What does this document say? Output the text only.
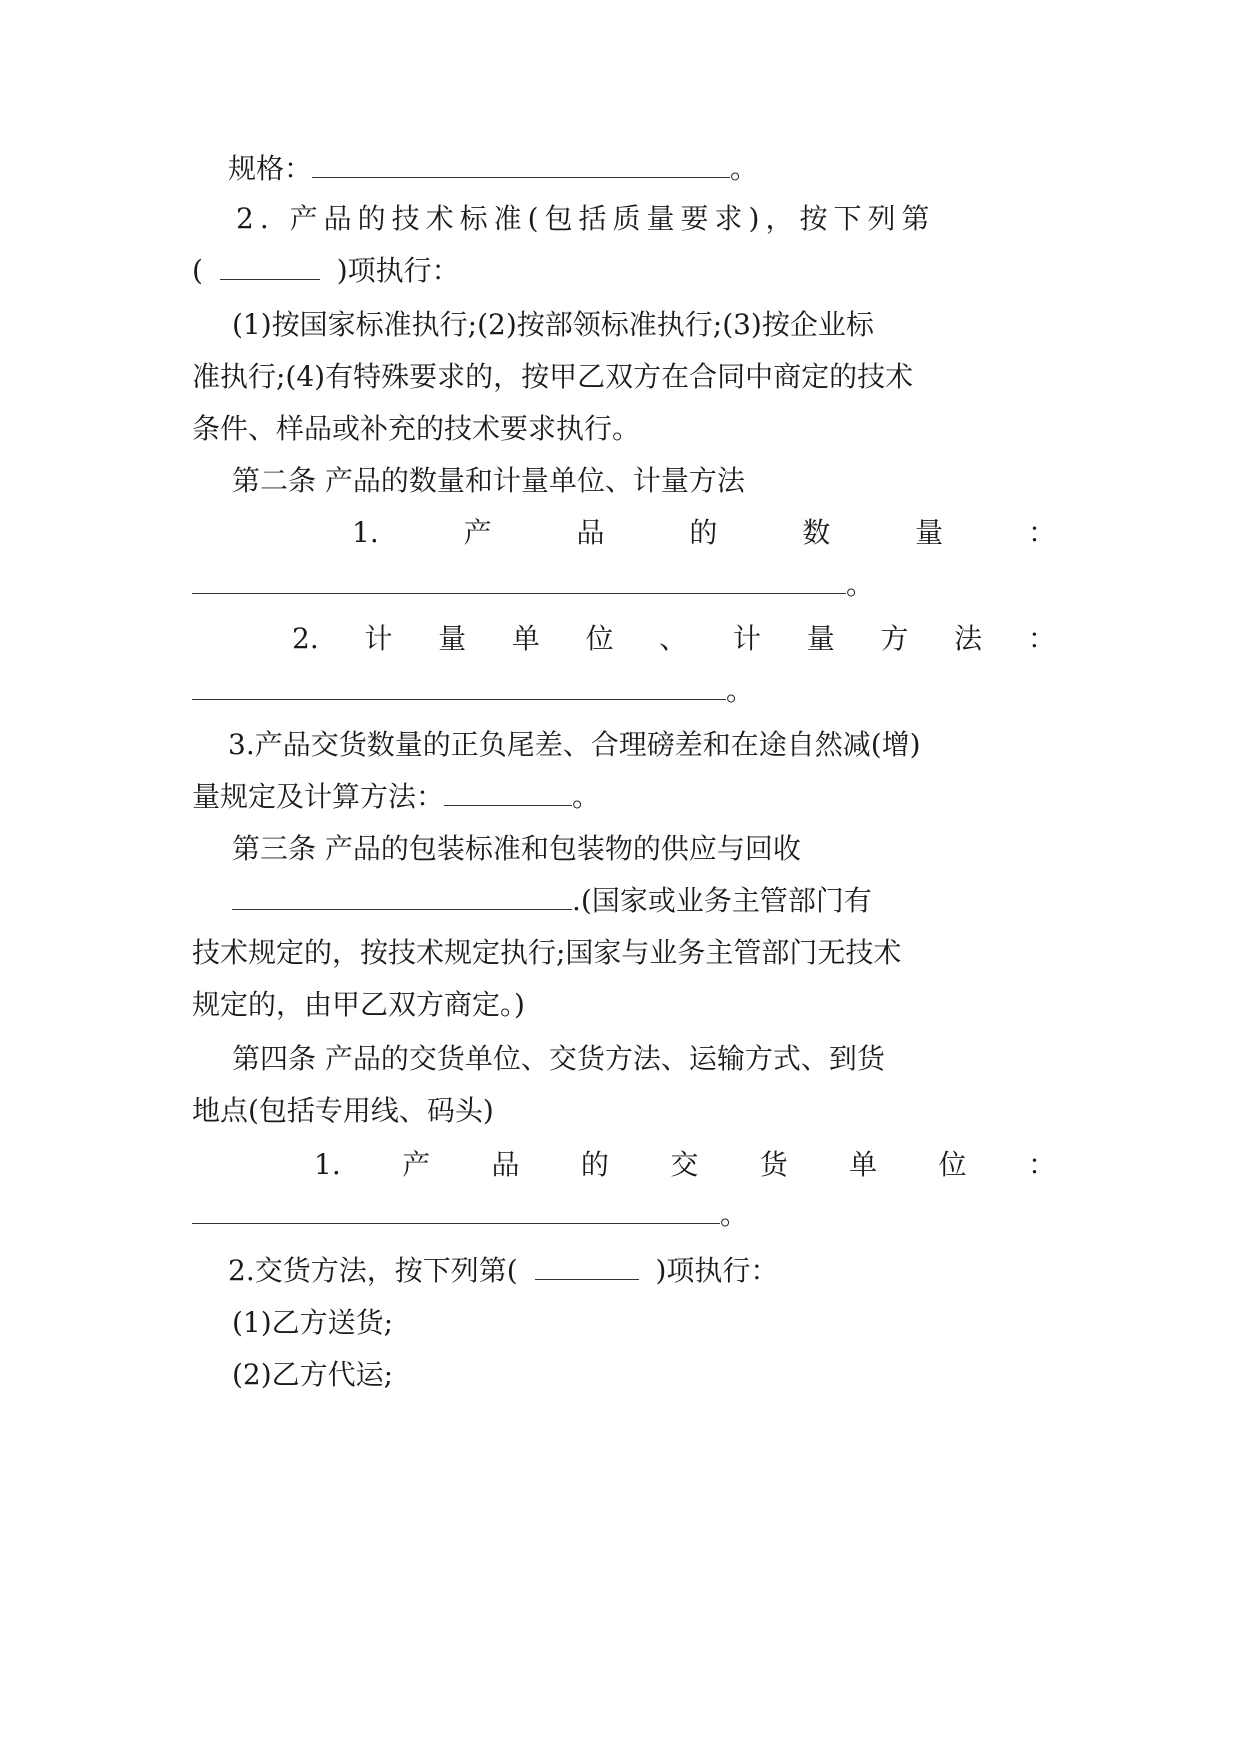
规格：	。
2. 产品的技术标准(包括质量要求)，按下列第
(	)项执行：
(1)按国家标准执行;(2)按部领标准执行;(3)按企业标
准执行;(4)有特殊要求的，按甲乙双方在合同中商定的技术
条件、样品或补充的技术要求执行。
第二条 产品的数量和计量单位、计量方法
1.	产	品	的	数	量	：
。
2. 计 量 单 位 、 计 量 方 法 ：
。
3.产品交货数量的正负尾差、合理磅差和在途自然减(增)
量规定及计算方法：	。
第三条 产品的包装标准和包装物的供应与回收
.(国家或业务主管部门有
技术规定的，按技术规定执行;国家与业务主管部门无技术
规定的，由甲乙双方商定。)
第四条 产品的交货单位、交货方法、运输方式、到货
地点(包括专用线、码头)
1. 产 品 的 交 货 单 位 ：
。
2.交货方法，按下列第(	)项执行：
(1)乙方送货;
(2)乙方代运;
